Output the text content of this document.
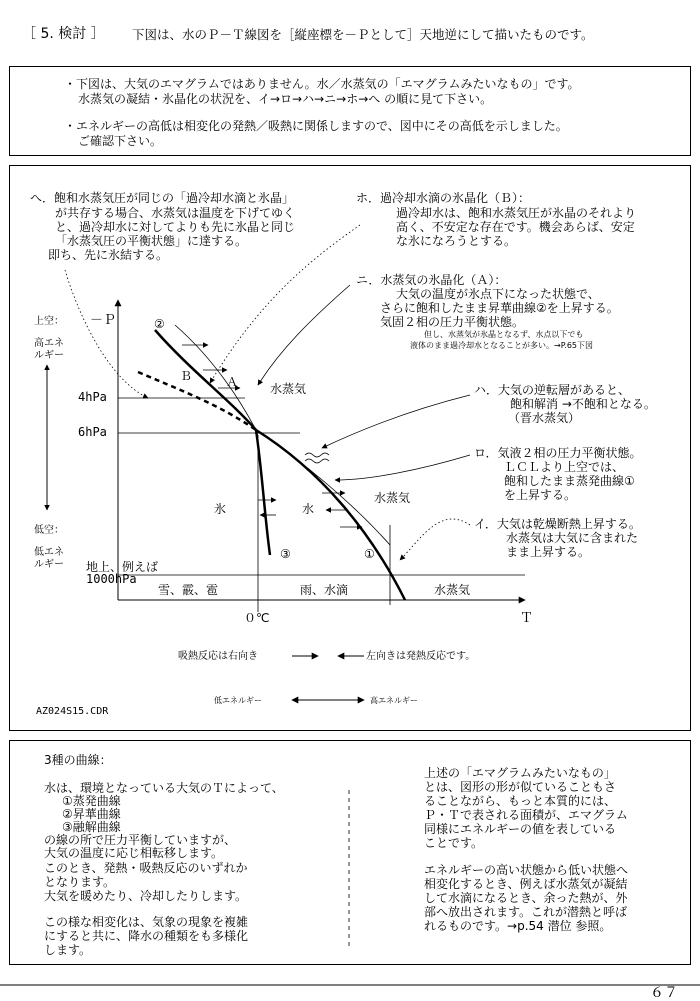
［ 5. 検討 ］ 下図は、水のＰ－Ｔ線図を［縦座標を－Ｐとして］天地逆にして描いたものです。
・下図は、大気のエマグラムではありません。水／水蒸気の「エマグラムみたいなもの」です。
水蒸気の凝結・氷晶化の状況を、イ→ロ→ハ→ニ→ホ→へ の順に見て下さい。
・エネルギーの高低は相変化の発熱／吸熱に関係しますので、図中にその高低を示しました。
ご確認下さい。
へ．飽和水蒸気圧が同じの「過冷却水滴と氷晶」
が共存する場合、水蒸気は温度を下げてゆく
と、過冷却水に対してよりも先に氷晶と同じ
「水蒸気圧の平衡状態」に達する。
即ち、先に氷結する。
ホ．過冷却水滴の氷晶化（Ｂ）：
過冷却水は、飽和水蒸気圧が氷晶のそれより
高く、不安定な存在です。機会あらば、安定
な氷になろうとする。
ニ．水蒸気の氷晶化（Ａ）：
大気の温度が氷点下になった状態で、
さらに飽和したまま昇華曲線②を上昇する。
気固２相の圧力平衡状態。
但し、水蒸気が氷晶となるず、水点以下でも
液体のまま過冷却水となることが多い。→P.65下図
ハ．大気の逆転層があると、
飽和解消 →不飽和となる。
（晋水蒸気）
ロ．気液２相の圧力平衡状態。
ＬＣＬより上空では、
飽和したまま蒸発曲線①
を上昇する。
イ．大気は乾燥断熱上昇する。
水蒸気は大気に含まれた
まま上昇する。
上空：
高エネ
ルギー
低空：
低エネ
ルギー
－Ｐ
Ｔ
4hPa
6hPa
地上、例えば
1000hPa
０℃
②
③	①
Ａ
Ｂ
水蒸気
水蒸気
水蒸気
氷	水
雪、霰、雹	雨、水滴
吸熱反応は右向き	左向きは発熱反応です。
低エネルギー	高エネルギー
AZ024S15.CDR
3種の曲線：
水は、環境となっている大気のＴによって、
①蒸発曲線
②昇華曲線
③融解曲線
の線の所で圧力平衡していますが、
大気の温度に応じ相転移します。
このとき、発熱・吸熱反応のいずれか
となります。
大気を暖めたり、冷却したりします。
この様な相変化は、気象の現象を複雑
にすると共に、降水の種類をも多様化
します。
上述の「エマグラムみたいなもの」
とは、図形の形が似ていることもさ
ることながら、もっと本質的には、
Ｐ・Ｔで表される面積が、エマグラム
同様にエネルギーの値を表している
ことです。
エネルギーの高い状態から低い状態へ
相変化するとき、例えば水蒸気が凝結
して水滴になるとき、余った熱が、外
部へ放出されます。これが潜熱と呼ば
れるものです。→p.54 潜位 参照。
６７
